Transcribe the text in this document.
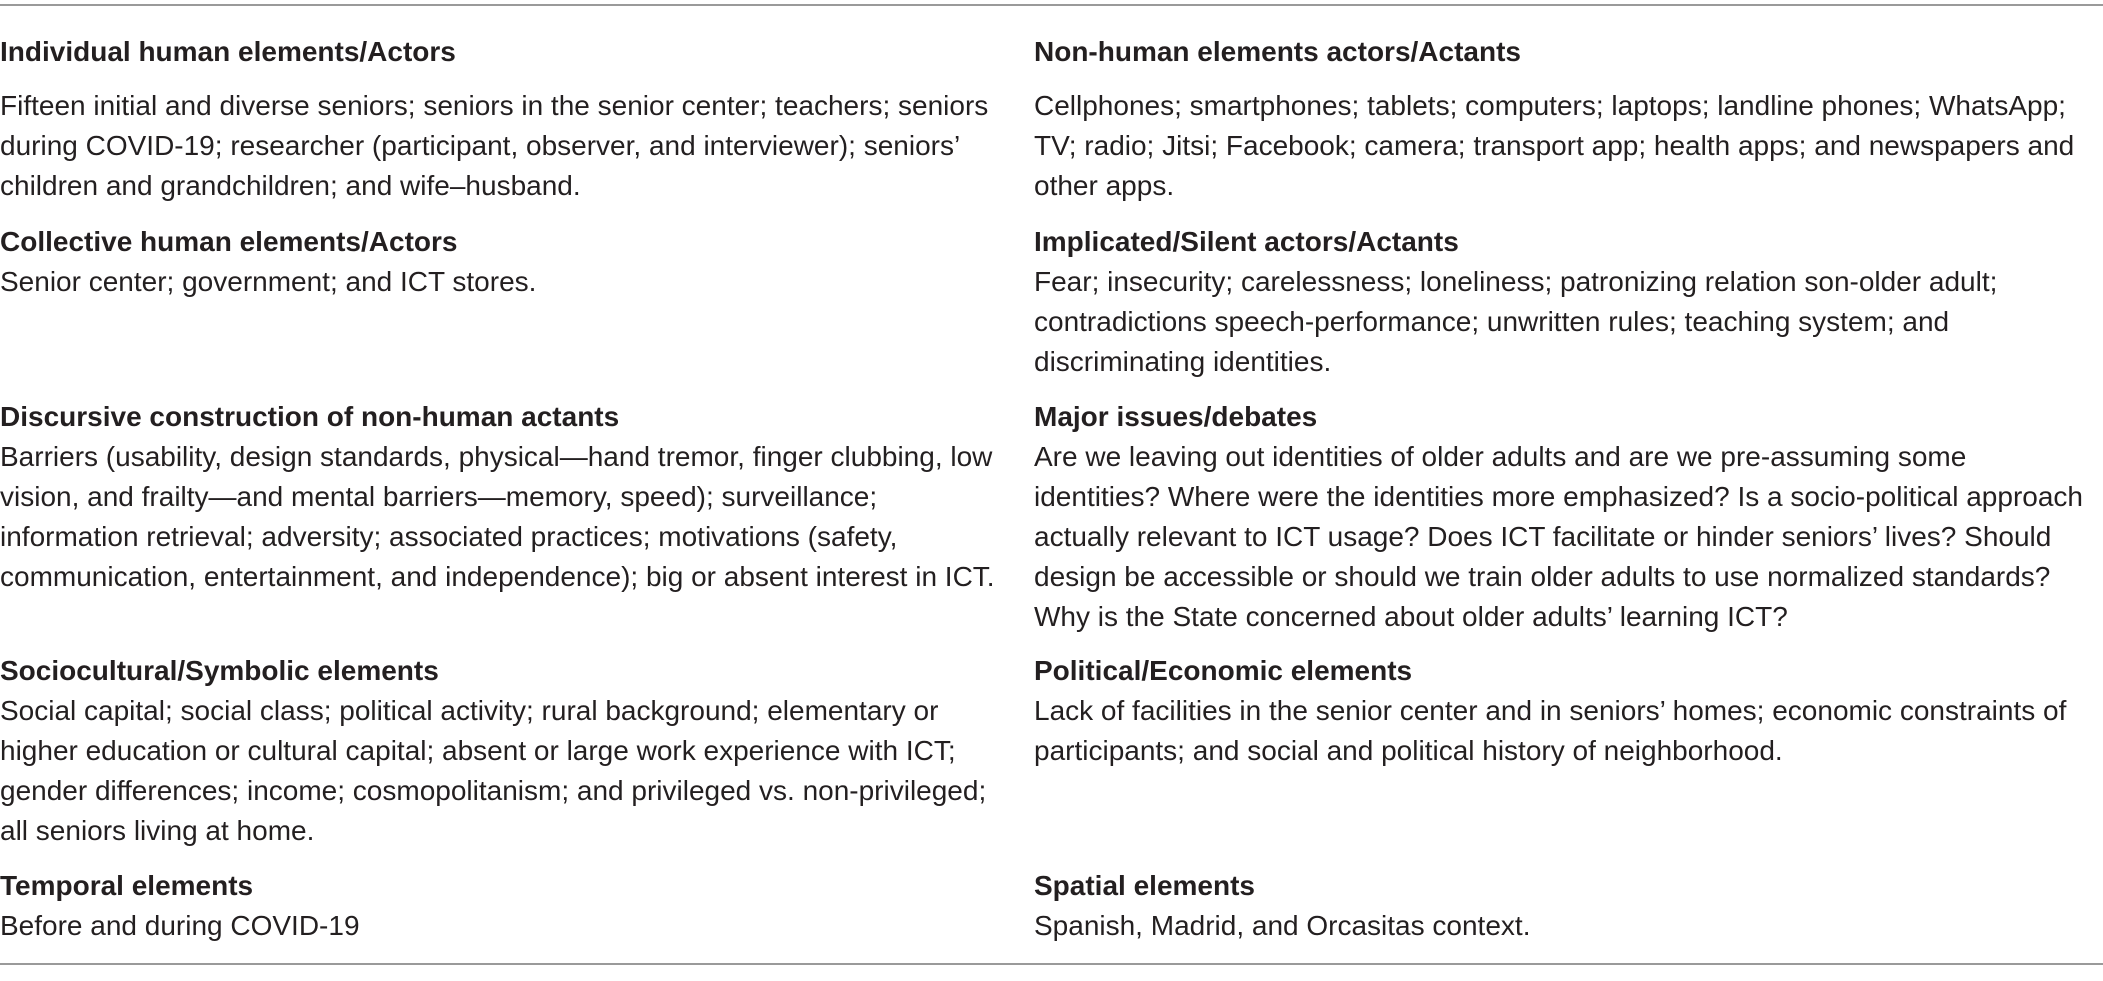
Individual human elements/Actors

Fifteen initial and diverse seniors; seniors in the senior center; teachers; seniors during COVID-19; researcher (participant, observer, and interviewer); seniors’ children and grandchildren; and wife–husband.

Non-human elements actors/Actants

Cellphones; smartphones; tablets; computers; laptops; landline phones; WhatsApp; TV; radio; Jitsi; Facebook; camera; transport app; health apps; and newspapers and other apps.

Collective human elements/Actors

Senior center; government; and ICT stores.

Implicated/Silent actors/Actants

Fear; insecurity; carelessness; loneliness; patronizing relation son-older adult; contradictions speech-performance; unwritten rules; teaching system; and discriminating identities.

Discursive construction of non-human actants

Barriers (usability, design standards, physical—hand tremor, finger clubbing, low vision, and frailty—and mental barriers—memory, speed); surveillance; information retrieval; adversity; associated practices; motivations (safety, communication, entertainment, and independence); big or absent interest in ICT.

Major issues/debates

Are we leaving out identities of older adults and are we pre-assuming some identities? Where were the identities more emphasized? Is a socio-political approach actually relevant to ICT usage? Does ICT facilitate or hinder seniors’ lives? Should design be accessible or should we train older adults to use normalized standards? Why is the State concerned about older adults’ learning ICT?

Sociocultural/Symbolic elements

Social capital; social class; political activity; rural background; elementary or higher education or cultural capital; absent or large work experience with ICT; gender differences; income; cosmopolitanism; and privileged vs. non-privileged; all seniors living at home.

Political/Economic elements

Lack of facilities in the senior center and in seniors’ homes; economic constraints of participants; and social and political history of neighborhood.

Temporal elements

Before and during COVID-19

Spatial elements

Spanish, Madrid, and Orcasitas context.
